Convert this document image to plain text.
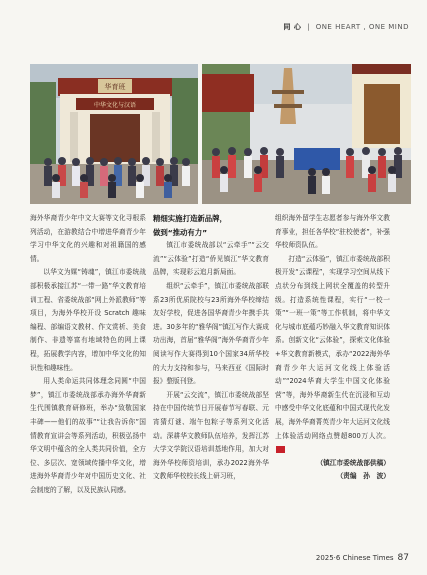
同 心 | ONE HEART , ONE MIND
华育班
中华文化与汉语

海外华裔青少年中文大赛等文化寻根系列活动，在游教结合中增进华裔青少年学习中华文化的兴趣和对祖籍国的感情。

以华文为媒“铸魂”，镇江市委统战部积极承接江苏“一带一路”华文教育培训工程、省委统战部“网上外派教师”等项目，为海外华校开设 Scratch 趣味编程、部编语文教材、作文赏析、美食制作、非遗等富有地域特色的网上课程，拓展教学内容，增加中华文化的知识性和趣味性。

用人类命运共同体理念同圆“中国梦”，镇江市委统战部承办海外华裔新生代围镇教育研修班，举办“致敬国家丰碑——他们的故事”“让我告诉你”国情教育宣讲会等系列活动，积极弘扬中华文明中蕴含的全人类共同价值，全方位、多层次、宽领域传播中华文化，增进海外华裔青少年对中国历史文化、社会制度的了解，以及民族认同感。

精细实施打造新品牌，
做到“推动有力”

镇江市委统战部以“云牵手”“云交流”“云体验”打造“侨见镇江”华文教育品牌，实现彩云追月新局面。

组织“云牵手”，镇江市委统战部联系23所优质院校与23所海外华校缔结友好学校，促进各国华裔青少年携手共进。30多年的“雅华阁”镇江写作大赛成功出海，首届“雅华阁”海外华裔青少年阅读写作大赛得到10个国家34所华校的大力支持和参与，马来西亚《国际时报》整版刊登。

开展“云交流”，镇江市委统战部坚持在中国传统节日开展春节写春联、元宵猜灯谜、端午包粽子等系列文化活动。深耕华文教师队伍培养，发挥江苏大学文学院汉语培训基地作用，加大对海外华校师资培训，承办2022海外华文教师华校校长线上研习班，

组织海外留学生志愿者参与海外华文教育事业，担任各华校“驻校使者”，补强华校师资队伍。

打造“云体验”，镇江市委统战部积极开发“云课程”，实现学习空间从线下点状分布到线上网状全覆盖的转型升级。打造系统性课程，实行“一校一策”“一班一策”等工作机制，将中华文化与城市底蕴巧妙融入华文教育知识体系。创新文化“云体验”，探索文化体验+华文教育新模式，承办“2022海外华裔青少年大运河文化线上体验活动”“2024华裔大学生中国文化体验营”等，海外华裔新生代在沉浸和互动中感受中华文化底蕴和中国式现代化发展，海外华裔菁英青少年大运河文化线上体验活动网络点赞超800万人次。

（镇江市委统战部供稿）
（责编　孙　波）
2025·6 Chinese Times 87
